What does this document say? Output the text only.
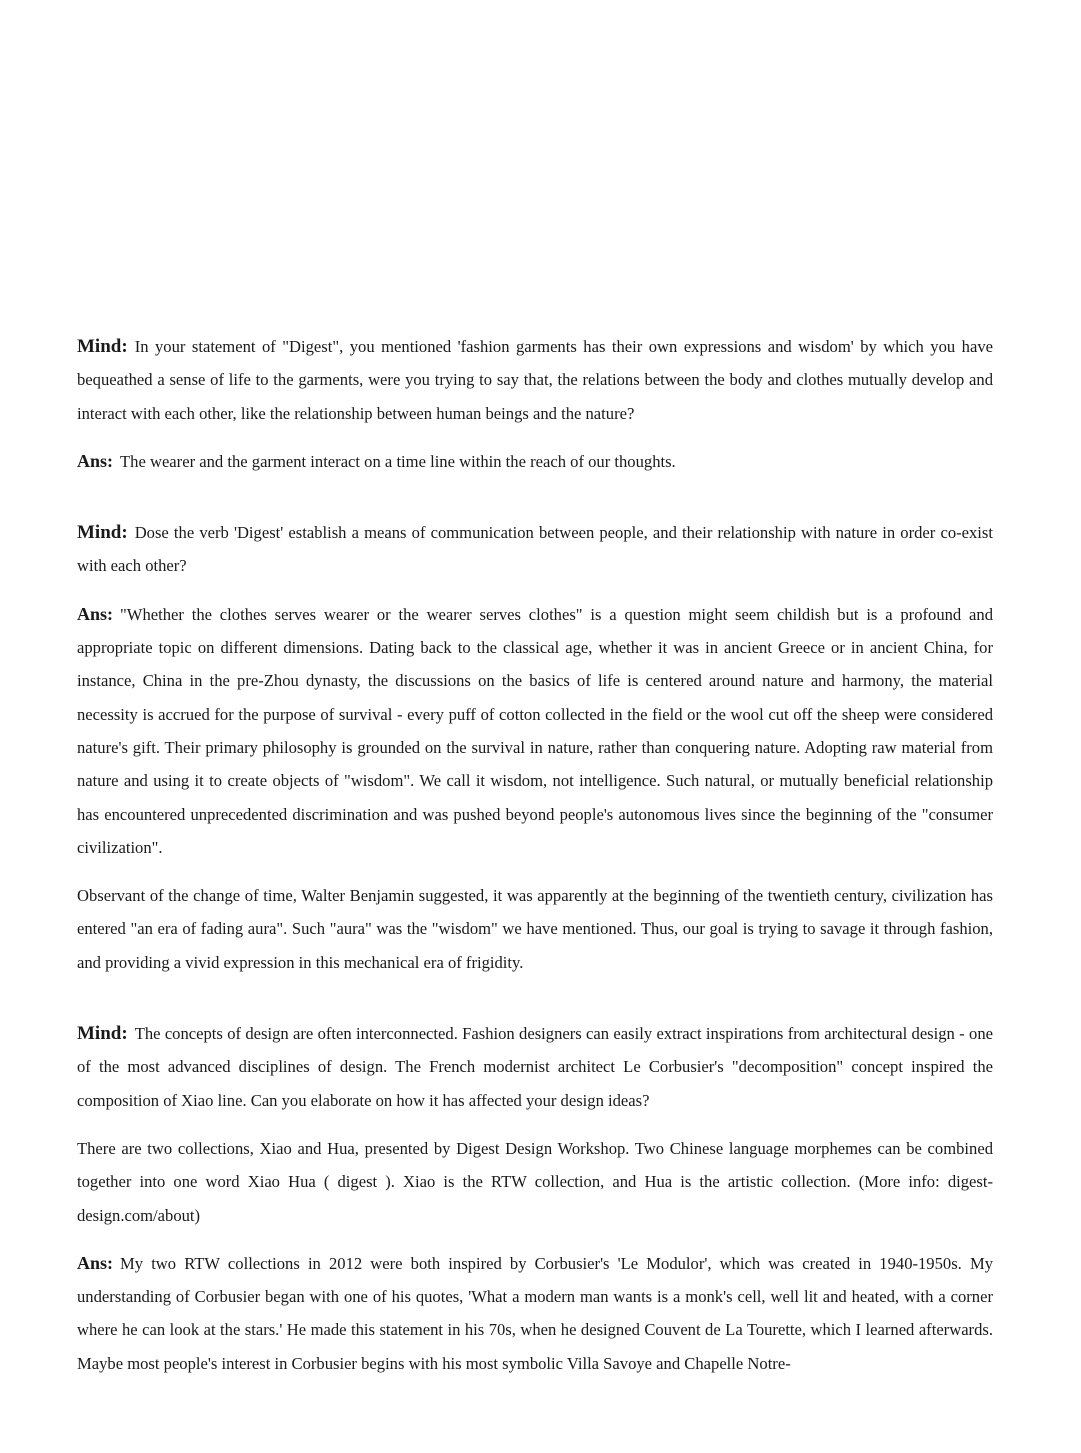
Mind: In your statement of "Digest", you mentioned 'fashion garments has their own expressions and wisdom' by which you have bequeathed a sense of life to the garments, were you trying to say that, the relations between the body and clothes mutually develop and interact with each other, like the relationship between human beings and the nature?

Ans: The wearer and the garment interact on a time line within the reach of our thoughts.

Mind: Dose the verb 'Digest' establish a means of communication between people, and their relationship with nature in order co-exist with each other?

Ans: "Whether the clothes serves wearer or the wearer serves clothes" is a question might seem childish but is a profound and appropriate topic on different dimensions. Dating back to the classical age, whether it was in ancient Greece or in ancient China, for instance, China in the pre-Zhou dynasty, the discussions on the basics of life is centered around nature and harmony, the material necessity is accrued for the purpose of survival - every puff of cotton collected in the field or the wool cut off the sheep were considered nature's gift. Their primary philosophy is grounded on the survival in nature, rather than conquering nature. Adopting raw material from nature and using it to create objects of "wisdom". We call it wisdom, not intelligence. Such natural, or mutually beneficial relationship has encountered unprecedented discrimination and was pushed beyond people's autonomous lives since the beginning of the "consumer civilization".

Observant of the change of time, Walter Benjamin suggested, it was apparently at the beginning of the twentieth century, civilization has entered "an era of fading aura". Such "aura" was the "wisdom" we have mentioned. Thus, our goal is trying to savage it through fashion, and providing a vivid expression in this mechanical era of frigidity.

Mind: The concepts of design are often interconnected. Fashion designers can easily extract inspirations from architectural design - one of the most advanced disciplines of design. The French modernist architect Le Corbusier's "decomposition" concept inspired the composition of Xiao line. Can you elaborate on how it has affected your design ideas?

There are two collections, Xiao and Hua, presented by Digest Design Workshop. Two Chinese language morphemes can be combined together into one word Xiao Hua ( digest ). Xiao is the RTW collection, and Hua is the artistic collection. (More info: digest-design.com/about)

Ans: My two RTW collections in 2012 were both inspired by Corbusier's 'Le Modulor', which was created in 1940-1950s. My understanding of Corbusier began with one of his quotes, 'What a modern man wants is a monk's cell, well lit and heated, with a corner where he can look at the stars.' He made this statement in his 70s, when he designed Couvent de La Tourette, which I learned afterwards. Maybe most people's interest in Corbusier begins with his most symbolic Villa Savoye and Chapelle Notre-
